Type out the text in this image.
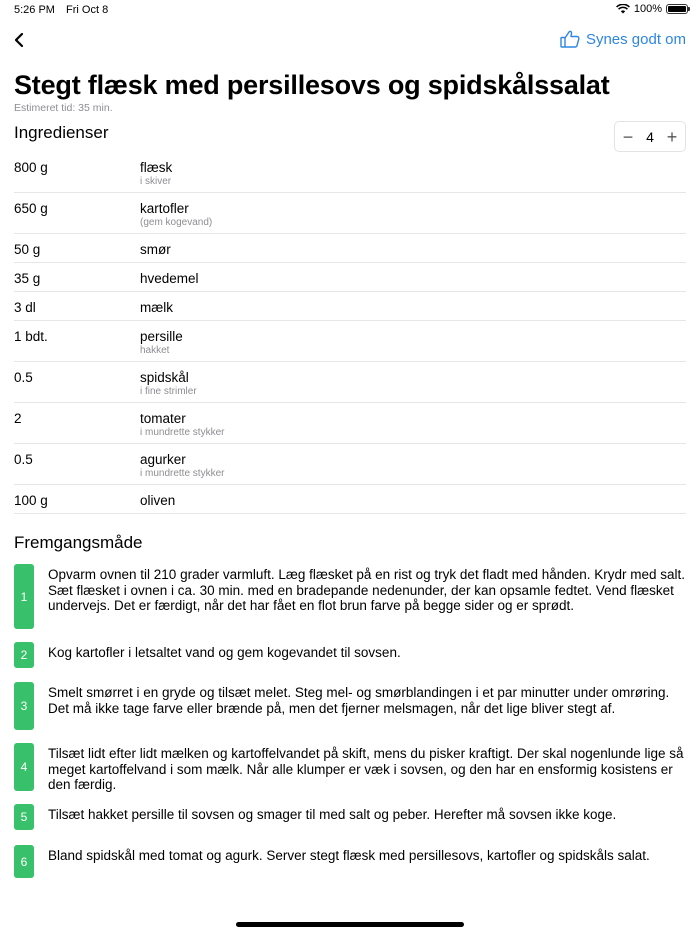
5:26 PM Fri Oct 8	100%
Synes godt om
Stegt flæsk med persillesovs og spidskålssalat
Estimeret tid: 35 min.
Ingredienser	− 4 +
800 g	flæsk
i skiver
650 g	kartofler
(gem kogevand)
50 g	smør
35 g	hvedemel
3 dl	mælk
1 bdt.	persille
hakket
0.5	spidskål
i fine strimler
2	tomater
i mundrette stykker
0.5	agurker
i mundrette stykker
100 g	oliven
Fremgangsmåde
1
Opvarm ovnen til 210 grader varmluft. Læg flæsket på en rist og tryk det fladt med hånden. Krydr med salt. Sæt flæsket i ovnen i ca. 30 min. med en bradepande nedenunder, der kan opsamle fedtet. Vend flæsket undervejs. Det er færdigt, når det har fået en flot brun farve på begge sider og er sprødt.
2	Kog kartofler i letsaltet vand og gem kogevandet til sovsen.
3
Smelt smørret i en gryde og tilsæt melet. Steg mel- og smørblandingen i et par minutter under omrøring. Det må ikke tage farve eller brænde på, men det fjerner melsmagen, når det lige bliver stegt af.
4
Tilsæt lidt efter lidt mælken og kartoffelvandet på skift, mens du pisker kraftigt. Der skal nogenlunde lige så meget kartoffelvand i som mælk. Når alle klumper er væk i sovsen, og den har en ensformig kosistens er den færdig.
5	Tilsæt hakket persille til sovsen og smager til med salt og peber. Herefter må sovsen ikke koge.
6	Bland spidskål med tomat og agurk. Server stegt flæsk med persillesovs, kartofler og spidskåls salat.
